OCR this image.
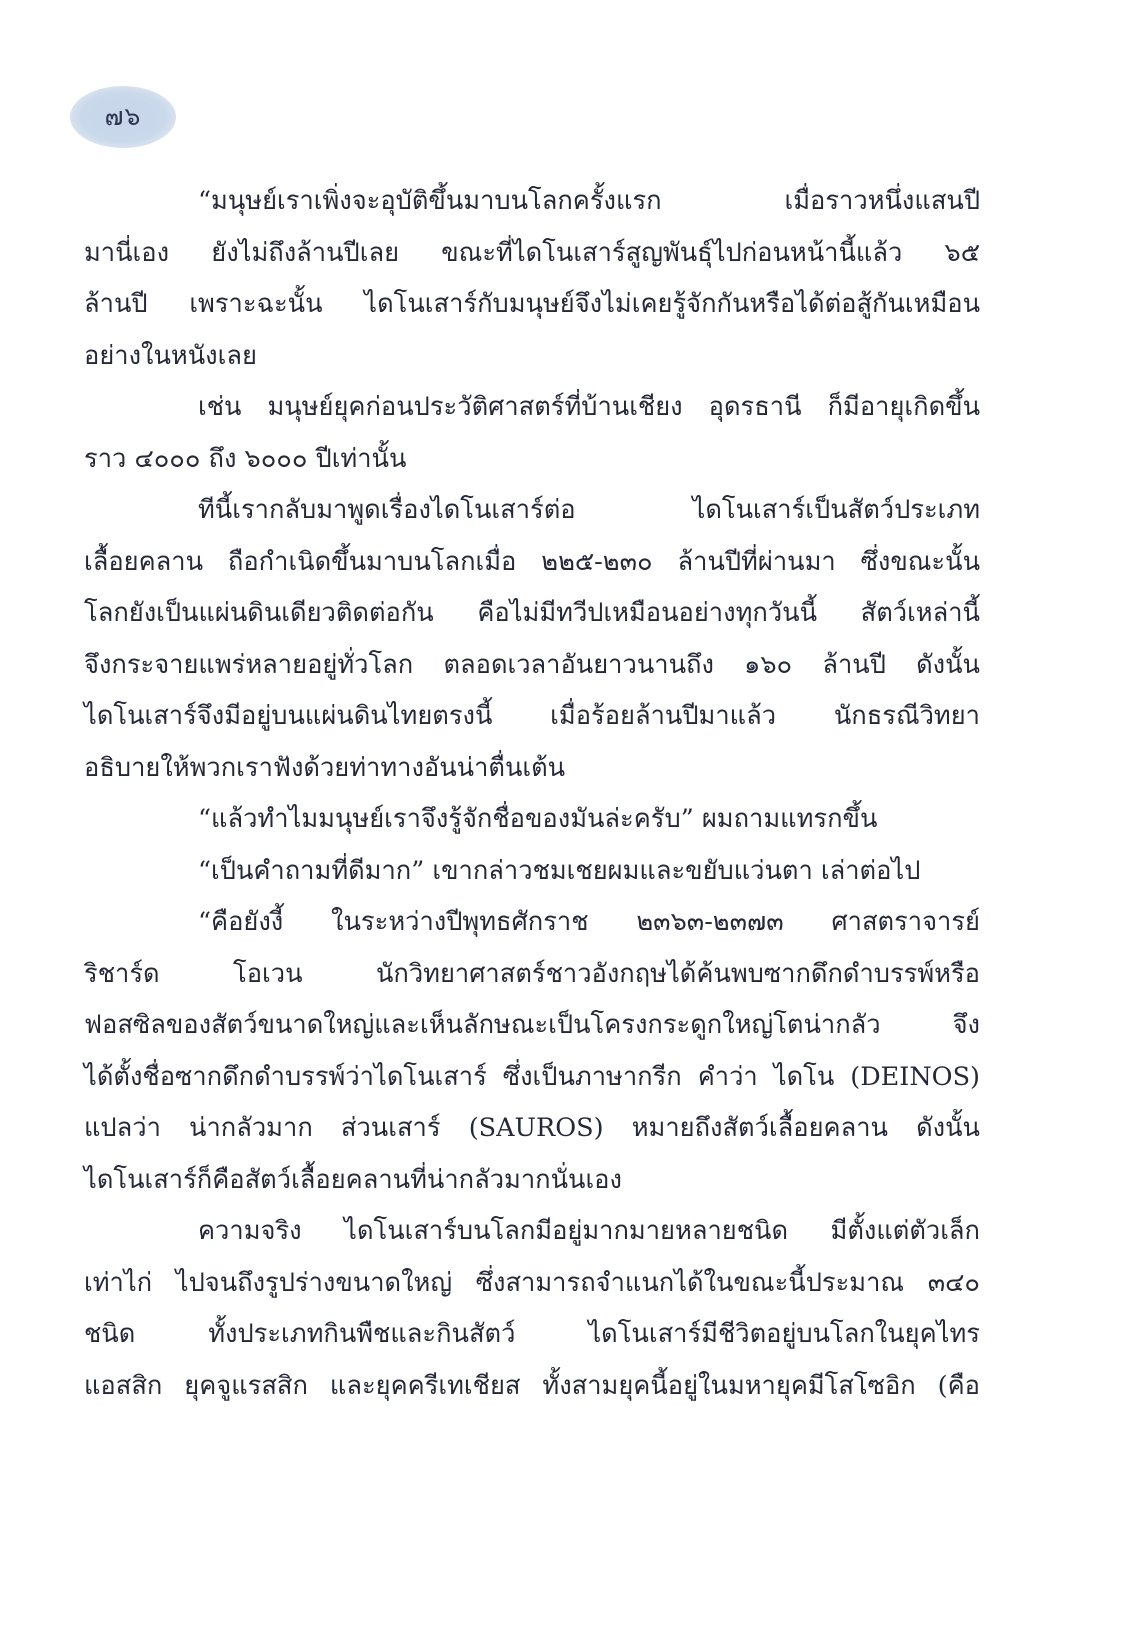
๗๖
“มนุษย์เราเพิ่งจะอุบัติขึ้นมาบนโลกครั้งแรก เมื่อราวหนึ่งแสนปี
มานี่เอง ยังไม่ถึงล้านปีเลย ขณะที่ไดโนเสาร์สูญพันธุ์ไปก่อนหน้านี้แล้ว ๖๕
ล้านปี เพราะฉะนั้น ไดโนเสาร์กับมนุษย์จึงไม่เคยรู้จักกันหรือได้ต่อสู้กันเหมือน
อย่างในหนังเลย
เช่น มนุษย์ยุคก่อนประวัติศาสตร์ที่บ้านเชียง อุดรธานี ก็มีอายุเกิดขึ้น
ราว ๔๐๐๐ ถึง ๖๐๐๐ ปีเท่านั้น
ทีนี้เรากลับมาพูดเรื่องไดโนเสาร์ต่อ ไดโนเสาร์เป็นสัตว์ประเภท
เลื้อยคลาน ถือกำเนิดขึ้นมาบนโลกเมื่อ ๒๒๕-๒๓๐ ล้านปีที่ผ่านมา ซึ่งขณะนั้น
โลกยังเป็นแผ่นดินเดียวติดต่อกัน คือไม่มีทวีปเหมือนอย่างทุกวันนี้ สัตว์เหล่านี้
จึงกระจายแพร่หลายอยู่ทั่วโลก ตลอดเวลาอันยาวนานถึง ๑๖๐ ล้านปี ดังนั้น
ไดโนเสาร์จึงมีอยู่บนแผ่นดินไทยตรงนี้ เมื่อร้อยล้านปีมาแล้ว นักธรณีวิทยา
อธิบายให้พวกเราฟังด้วยท่าทางอันน่าตื่นเต้น
“แล้วทำไมมนุษย์เราจึงรู้จักชื่อของมันล่ะครับ” ผมถามแทรกขึ้น
“เป็นคำถามที่ดีมาก” เขากล่าวชมเชยผมและขยับแว่นตา เล่าต่อไป
“คือยังงี้ ในระหว่างปีพุทธศักราช ๒๓๖๓-๒๓๗๓ ศาสตราจารย์
ริชาร์ด โอเวน นักวิทยาศาสตร์ชาวอังกฤษได้ค้นพบซากดึกดำบรรพ์หรือ
ฟอสซิลของสัตว์ขนาดใหญ่และเห็นลักษณะเป็นโครงกระดูกใหญ่โตน่ากลัว จึง
ได้ตั้งชื่อซากดึกดำบรรพ์ว่าไดโนเสาร์ ซึ่งเป็นภาษากรีก คำว่า ไดโน (DEINOS)
แปลว่า น่ากลัวมาก ส่วนเสาร์ (SAUROS) หมายถึงสัตว์เลื้อยคลาน ดังนั้น
ไดโนเสาร์ก็คือสัตว์เลื้อยคลานที่น่ากลัวมากนั่นเอง
ความจริง ไดโนเสาร์บนโลกมีอยู่มากมายหลายชนิด มีตั้งแต่ตัวเล็ก
เท่าไก่ ไปจนถึงรูปร่างขนาดใหญ่ ซึ่งสามารถจำแนกได้ในขณะนี้ประมาณ ๓๔๐
ชนิด ทั้งประเภทกินพืชและกินสัตว์ ไดโนเสาร์มีชีวิตอยู่บนโลกในยุคไทร
แอสสิก ยุคจูแรสสิก และยุคครีเทเชียส ทั้งสามยุคนี้อยู่ในมหายุคมีโสโซอิก (คือ
